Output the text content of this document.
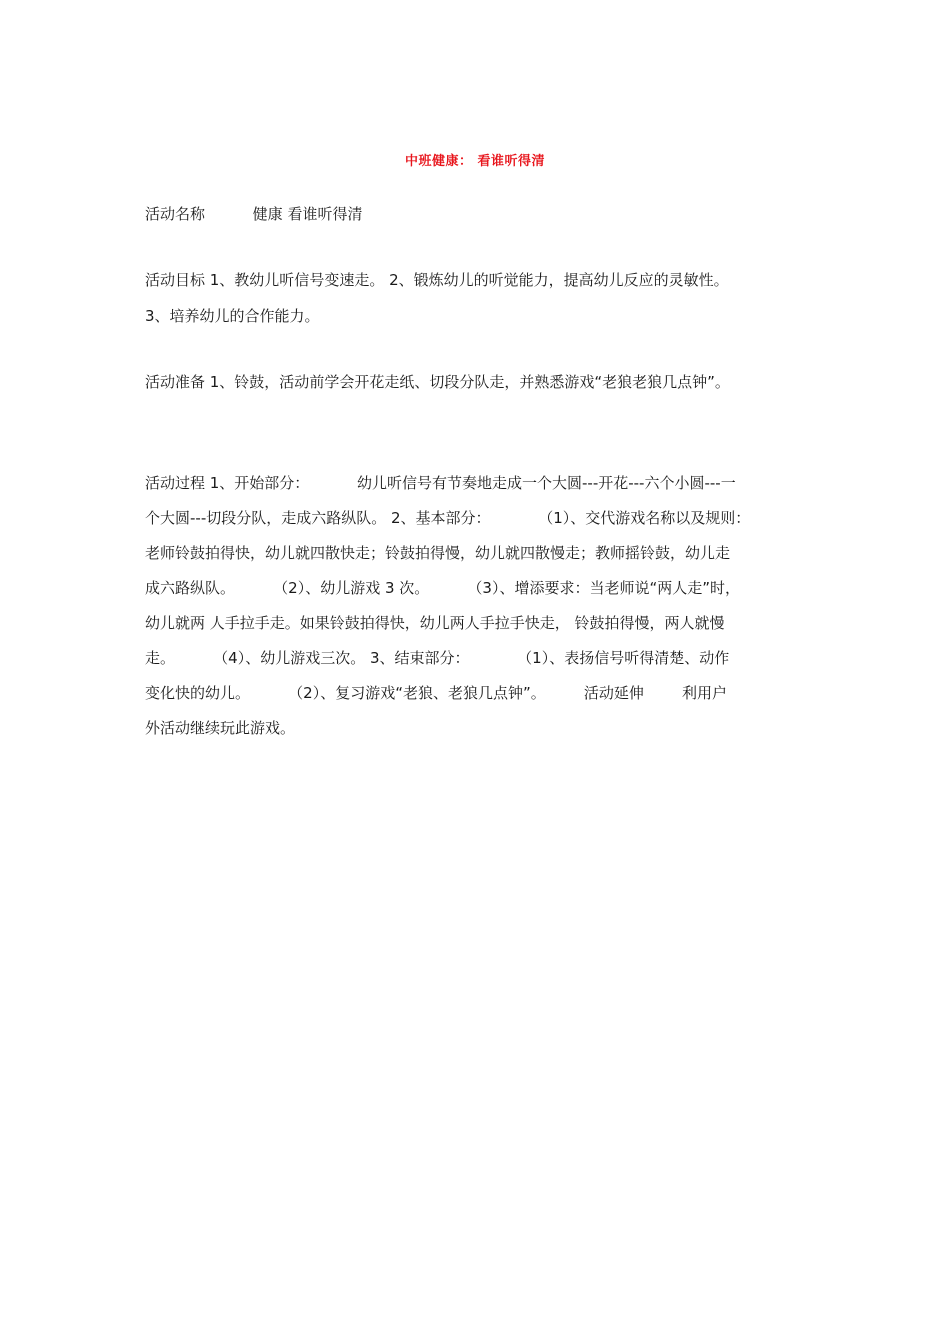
中班健康： 看谁听得清
活动名称          健康 看谁听得清
活动目标 1、教幼儿听信号变速走。 2、锻炼幼儿的听觉能力，提高幼儿反应的灵敏性。
3、培养幼儿的合作能力。
活动准备 1、铃鼓，活动前学会开花走纸、切段分队走，并熟悉游戏“老狼老狼几点钟”。
活动过程 1、开始部分：          幼儿听信号有节奏地走成一个大圆---开花---六个小圆---一
个大圆---切段分队，走成六路纵队。 2、基本部分：          （1）、交代游戏名称以及规则：
老师铃鼓拍得快，幼儿就四散快走；铃鼓拍得慢，幼儿就四散慢走；教师摇铃鼓，幼儿走
成六路纵队。        （2）、幼儿游戏 3 次。        （3）、增添要求：当老师说“两人走”时，
幼儿就两 人手拉手走。如果铃鼓拍得快，幼儿两人手拉手快走， 铃鼓拍得慢，两人就慢
走。        （4）、幼儿游戏三次。 3、结束部分：          （1）、表扬信号听得清楚、动作
变化快的幼儿。        （2）、复习游戏“老狼、老狼几点钟”。        活动延伸        利用户
外活动继续玩此游戏。
